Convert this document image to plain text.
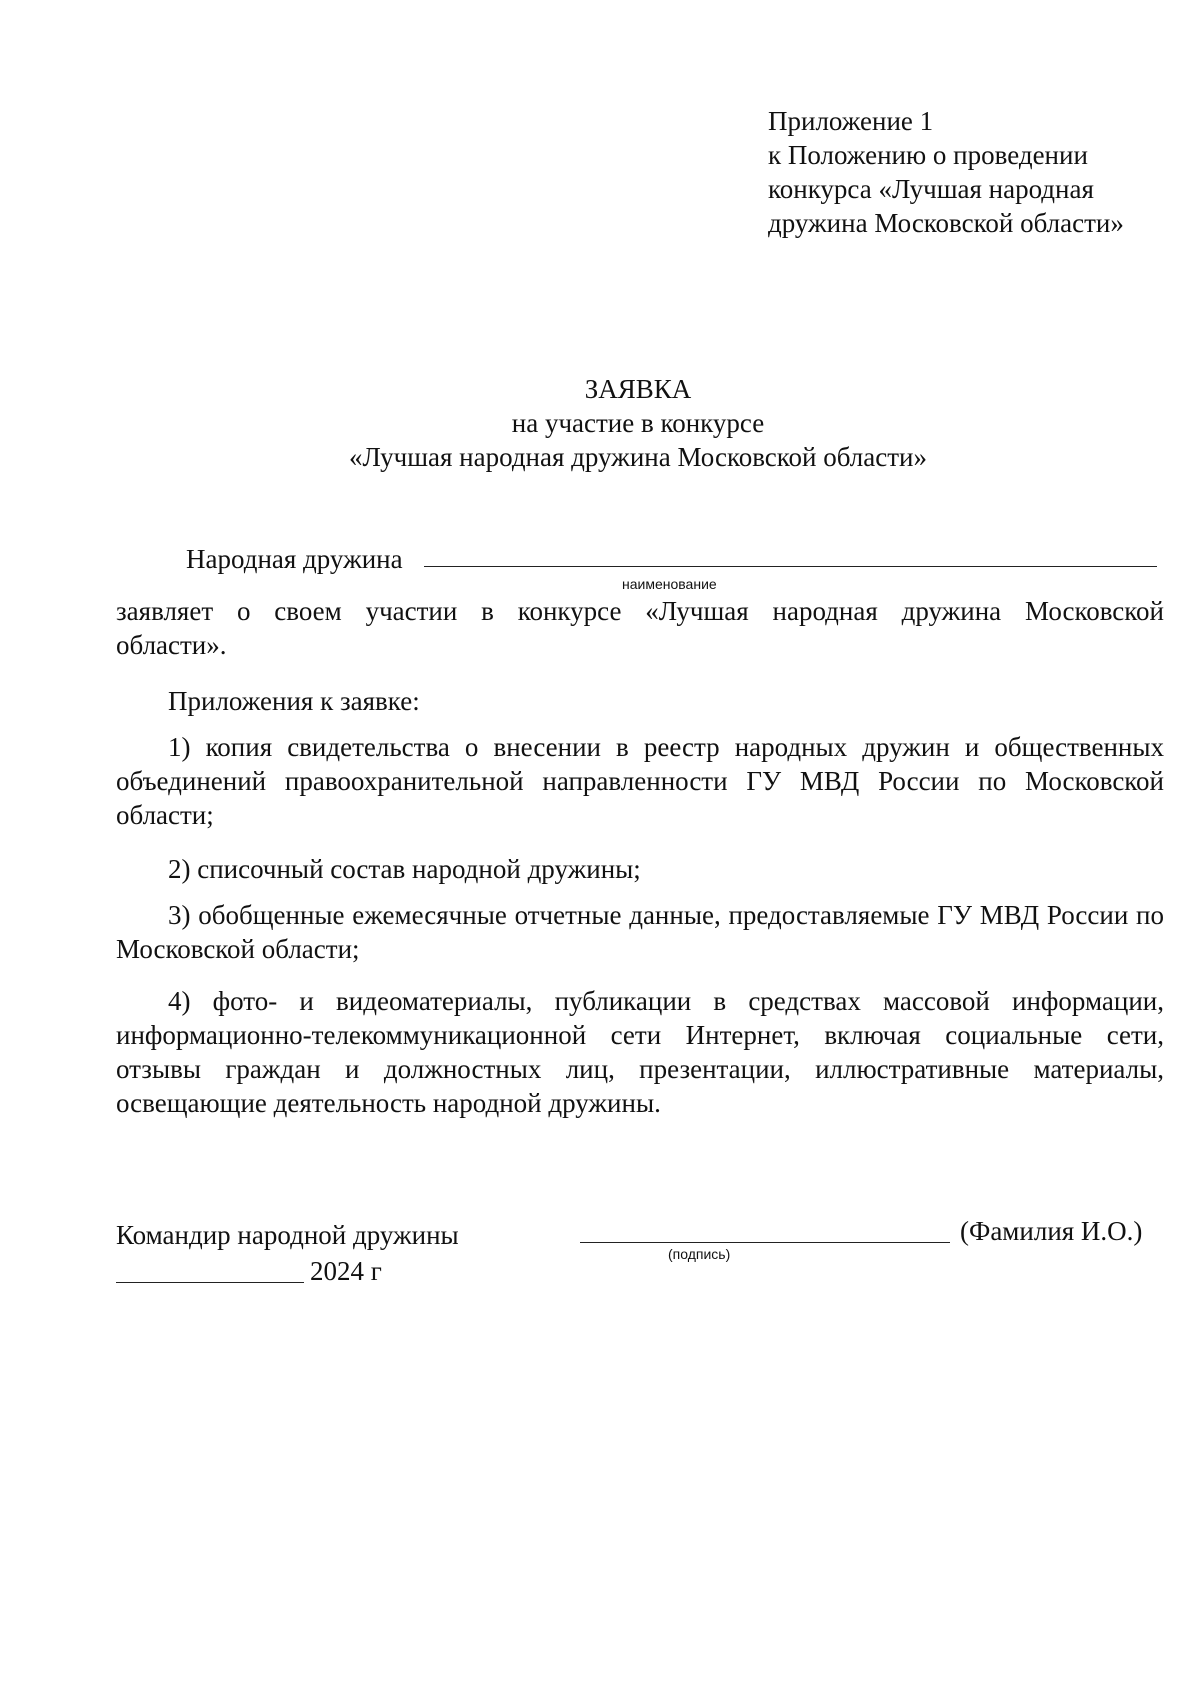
Приложение 1
к Положению о проведении
конкурса «Лучшая народная
дружина Московской области»
ЗАЯВКА
на участие в конкурсе
«Лучшая народная дружина Московской области»
Народная дружина
наименование
заявляет о своем участии в конкурсе «Лучшая народная дружина Московской
области».
Приложения к заявке:
1) копия свидетельства о внесении в реестр народных дружин и общественных объединений правоохранительной направленности ГУ МВД России по Московской области;
2) списочный состав народной дружины;
3) обобщенные ежемесячные отчетные данные, предоставляемые ГУ МВД России по Московской области;
4) фото- и видеоматериалы, публикации в средствах массовой информации, информационно-телекоммуникационной сети Интернет, включая социальные сети, отзывы граждан и должностных лиц, презентации, иллюстративные материалы, освещающие деятельность народной дружины.
Командир народной дружины
(подпись)
(Фамилия И.О.)
2024 г
